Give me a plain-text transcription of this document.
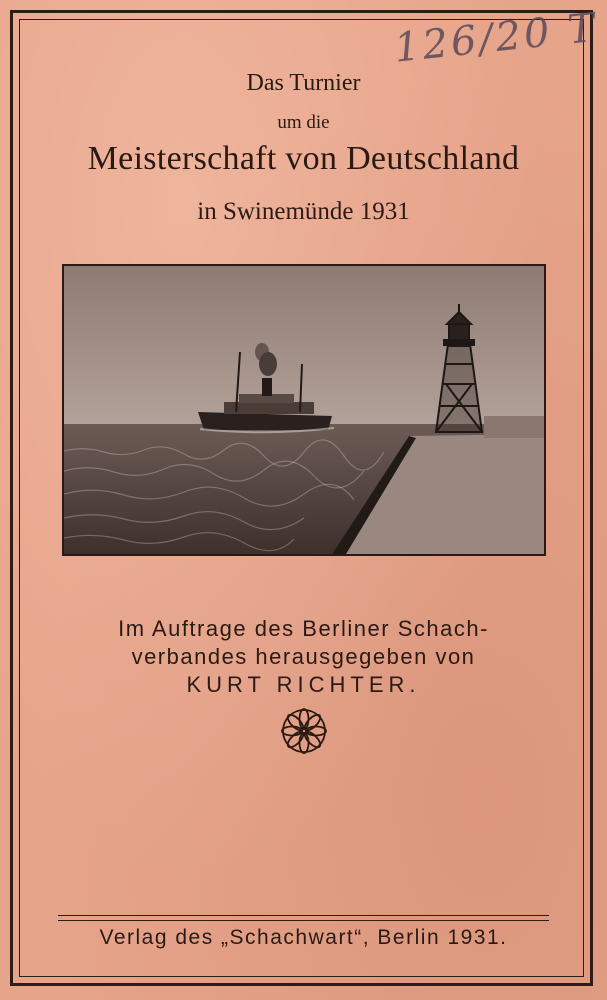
126/20 T
Das Turnier
um die
Meisterschaft von Deutschland
in Swinemünde 1931
Im Auftrage des Berliner Schach-
verbandes herausgegeben von
KURT RICHTER.
Verlag des „Schachwart“, Berlin 1931.
